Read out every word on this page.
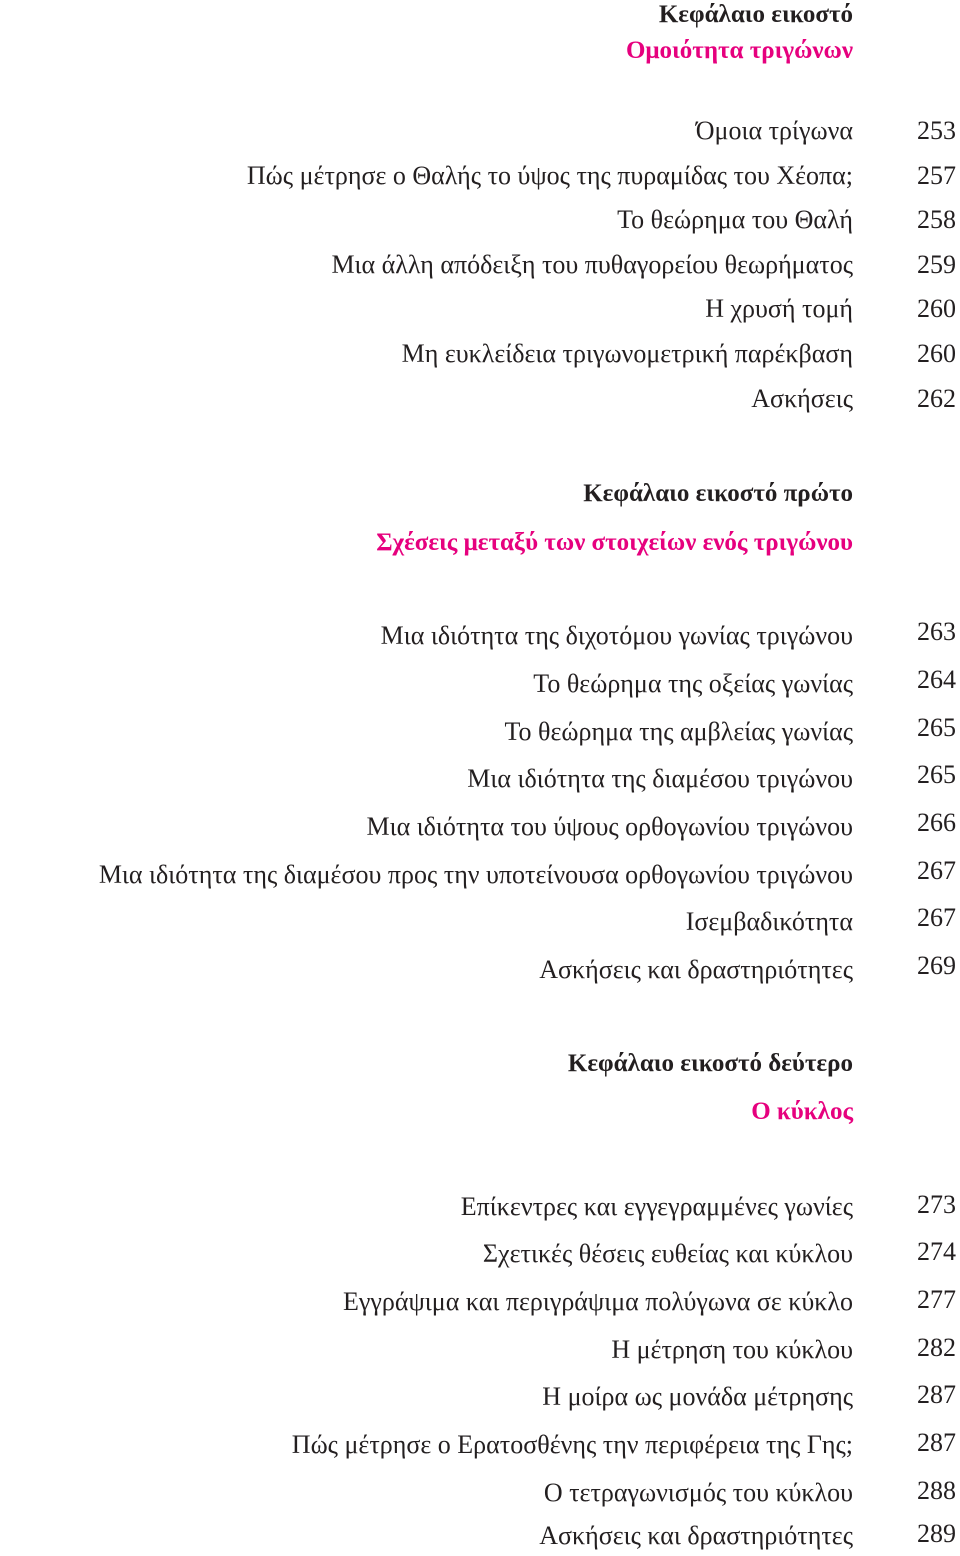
Κεφάλαιο εικοστό
Ομοιότητα τριγώνων
Όμοια τρίγωνα	253
Πώς μέτρησε ο Θαλής το ύψος της πυραμίδας του Χέοπα;	257
Το θεώρημα του Θαλή	258
Μια άλλη απόδειξη του πυθαγορείου θεωρήματος	259
Η χρυσή τομή	260
Μη ευκλείδεια τριγωνομετρική παρέκβαση	260
Ασκήσεις	262
Κεφάλαιο εικοστό πρώτο
Σχέσεις μεταξύ των στοιχείων ενός τριγώνου
Μια ιδιότητα της διχοτόμου γωνίας τριγώνου	263
Το θεώρημα της οξείας γωνίας	264
Το θεώρημα της αμβλείας γωνίας	265
Μια ιδιότητα της διαμέσου τριγώνου	265
Μια ιδιότητα του ύψους ορθογωνίου τριγώνου	266
Μια ιδιότητα της διαμέσου προς την υποτείνουσα ορθογωνίου τριγώνου	267
Ισεμβαδικότητα	267
Ασκήσεις και δραστηριότητες	269
Κεφάλαιο εικοστό δεύτερο
Ο κύκλος
Επίκεντρες και εγγεγραμμένες γωνίες	273
Σχετικές θέσεις ευθείας και κύκλου	274
Εγγράψιμα και περιγράψιμα πολύγωνα σε κύκλο	277
Η μέτρηση του κύκλου	282
Η μοίρα ως μονάδα μέτρησης	287
Πώς μέτρησε ο Ερατοσθένης την περιφέρεια της Γης;	287
Ο τετραγωνισμός του κύκλου	288
Ασκήσεις και δραστηριότητες	289
